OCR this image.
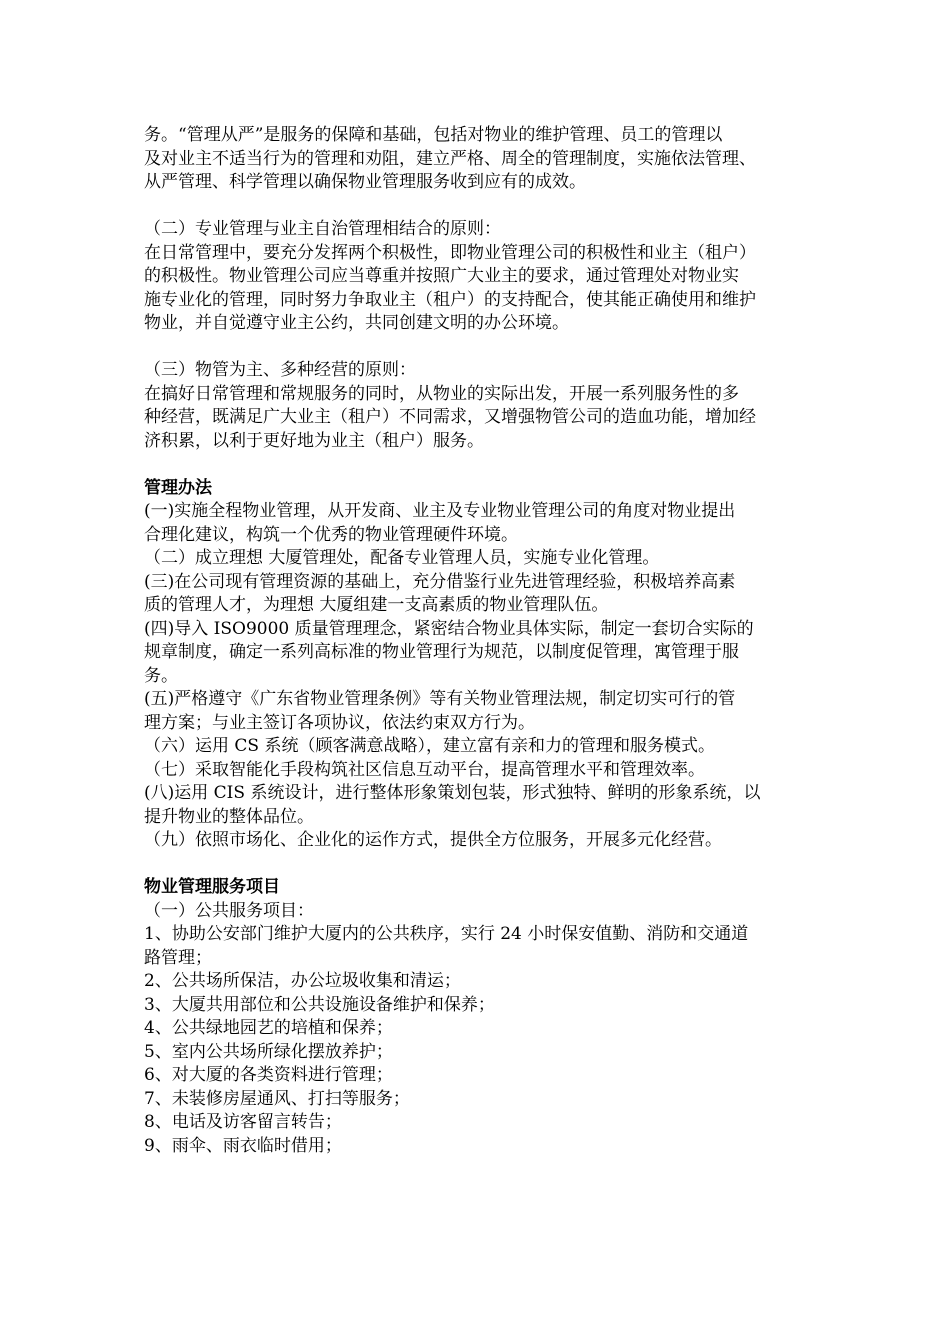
务。“管理从严”是服务的保障和基础，包括对物业的维护管理、员工的管理以
及对业主不适当行为的管理和劝阻，建立严格、周全的管理制度，实施依法管理、
从严管理、科学管理以确保物业管理服务收到应有的成效。
（二）专业管理与业主自治管理相结合的原则：
在日常管理中，要充分发挥两个积极性，即物业管理公司的积极性和业主（租户）
的积极性。物业管理公司应当尊重并按照广大业主的要求，通过管理处对物业实
施专业化的管理，同时努力争取业主（租户）的支持配合，使其能正确使用和维护
物业，并自觉遵守业主公约，共同创建文明的办公环境。
（三）物管为主、多种经营的原则：
在搞好日常管理和常规服务的同时，从物业的实际出发，开展一系列服务性的多
种经营，既满足广大业主（租户）不同需求，又增强物管公司的造血功能，增加经
济积累，以利于更好地为业主（租户）服务。
管理办法
(一)实施全程物业管理，从开发商、业主及专业物业管理公司的角度对物业提出
合理化建议，构筑一个优秀的物业管理硬件环境。
（二）成立理想 大厦管理处，配备专业管理人员，实施专业化管理。
(三)在公司现有管理资源的基础上，充分借鉴行业先进管理经验，积极培养高素
质的管理人才，为理想 大厦组建一支高素质的物业管理队伍。
(四)导入 ISO9000 质量管理理念，紧密结合物业具体实际，制定一套切合实际的
规章制度，确定一系列高标准的物业管理行为规范，以制度促管理，寓管理于服
务。
(五)严格遵守《广东省物业管理条例》等有关物业管理法规，制定切实可行的管
理方案；与业主签订各项协议，依法约束双方行为。
（六）运用 CS 系统（顾客满意战略），建立富有亲和力的管理和服务模式。
（七）采取智能化手段构筑社区信息互动平台，提高管理水平和管理效率。
(八)运用 CIS 系统设计，进行整体形象策划包装，形式独特、鲜明的形象系统，以
提升物业的整体品位。
（九）依照市场化、企业化的运作方式，提供全方位服务，开展多元化经营。
物业管理服务项目
（一）公共服务项目：
1、协助公安部门维护大厦内的公共秩序，实行 24 小时保安值勤、消防和交通道
路管理；
2、公共场所保洁，办公垃圾收集和清运；
3、大厦共用部位和公共设施设备维护和保养；
4、公共绿地园艺的培植和保养；
5、室内公共场所绿化摆放养护；
6、对大厦的各类资料进行管理；
7、未装修房屋通风、打扫等服务；
8、电话及访客留言转告；
9、雨伞、雨衣临时借用；
